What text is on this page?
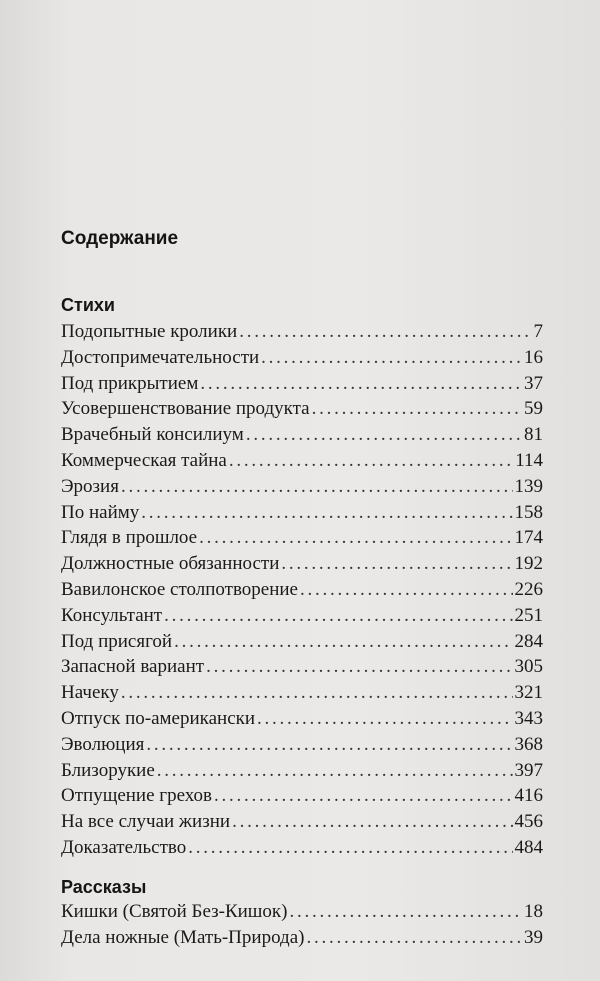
Содержание
Стихи
Подопытные кролики . . .	7
Достопримечательности . . .	16
Под прикрытием . . .	37
Усовершенствование продукта . . .	59
Врачебный консилиум . . .	81
Коммерческая тайна . . .	114
Эрозия . . .	139
По найму . . .	158
Глядя в прошлое . . .	174
Должностные обязанности . . .	192
Вавилонское столпотворение . . .	226
Консультант . . .	251
Под присягой . . .	284
Запасной вариант . . .	305
Начеку . . .	321
Отпуск по-американски . . .	343
Эволюция . . .	368
Близорукие . . .	397
Отпущение грехов . . .	416
На все случаи жизни . . .	456
Доказательство . . .	484
Рассказы
Кишки (Святой Без-Кишок) . . .	18
Дела ножные (Мать-Природа) . . .	39
